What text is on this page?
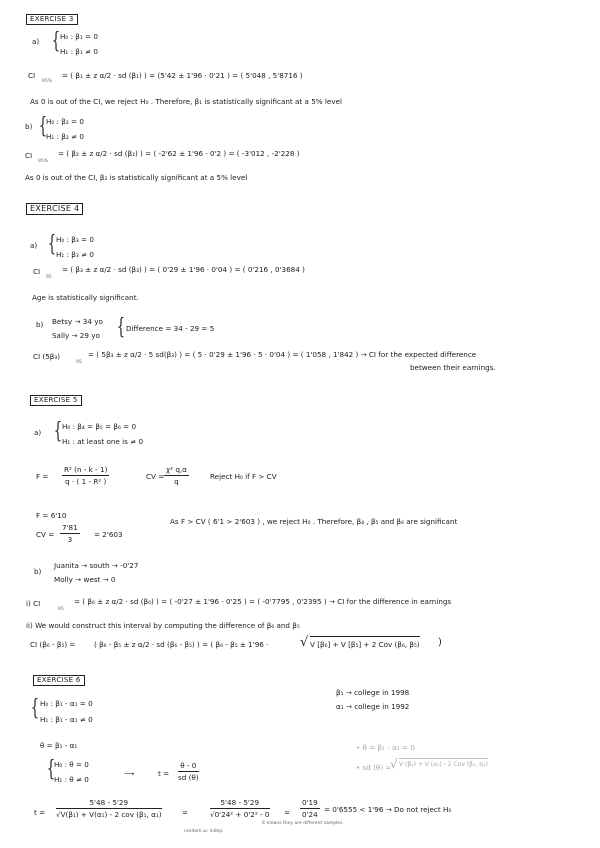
EXERCISE 3
a) { H₀ : β₁ = 0
H₁ : β₁ ≠ 0
CI
95%
= ( β₁ ± z α/2 · sd (β₁) ) = (5'42 ± 1'96 · 0'21 ) = ( 5'048 , 5'8716 )
As 0 is out of the CI, we reject H₀ . Therefore, β₁ is statistically significant at a 5% level
b) {
H₀ : β₂ = 0
H₁ : β₂ ≠ 0
CI
95%
= ( β₂ ± z α/2 · sd (β₂) ) = ( -2'62 ± 1'96 · 0'2 ) = ( -3'012 , -2'228 )
As 0 is out of the CI, β₂ is statistically significant at a 5% level
EXERCISE 4
a) { H₀ : β₃ = 0
H₁ : β₃ ≠ 0
CI
95
= ( β₃ ± z α/2 · sd (β₃) ) = ( 0'29 ± 1'96 · 0'04 ) = ( 0'216 , 0'3684 )
Age is statistically significant.
b) Betsy → 34 yo
Sally → 29 yo { Difference = 34 - 29 = 5
CI (5β₃)
95
= ( 5β₃ ± z α/2 · 5 sd(β₃) ) = ( 5 · 0'29 ± 1'96 · 5 · 0'04 ) = ( 1'058 , 1'842 ) → CI for the expected difference
between their earnings.
EXERCISE 5
a) { H₀ : β₄ = β₅ = β₆ = 0
H₁ : at least one is ≠ 0
$F = \frac{\text{R² (n - k - 1)}}{\text{q · ( 1 - R² )}}$	CV = $\frac{\text{χ² q,α}}{q}$	Reject H₀ if F > CV
F = 6'10
CV = $\frac{7'81}{3} = 2'603$
As F > CV ( 6'1 > 2'603 ) , we reject H₀ . Therefore, β₄ , β₅ and β₆ are significant
b)
Juanita → south → -0'27
Molly → west → 0
i) CI
95
= ( β₆ ± z α/2 · sd (β₆) ) = ( -0'27 ± 1'96 · 0'25 ) = ( -0'7795 , 0'2395 ) → CI for the difference in earnings
ii) We would construct this interval by computing the difference of β₆ and β₅
CI (β₆ - β₅) =	( β₆ - β₅ ± z α/2 · sd (β₆ - β₅) ) = ( β₆ - β₅ ± 1'96 · √ V [β₆] + V [β₅] + 2 Cov (β₆, β₅) )
EXERCISE 6
β₁ → college in 1998
α₁ → college in 1992
{ H₀ : β₁ - α₁ = 0
H₁ : β₁ - α₁ ≠ 0
θ = β₁ - α₁	• θ = β₁ - α₁ = 0
• sd (θ) =
√ V (β₁) + V (α₁) - 2 Cov (β₁, α₁)
{
H₀ : θ = 0
H₁ : θ ≠ 0
⟶	$t = \frac{\theta - 0}{sd (\theta)}$
t =
5'48 - 5'29
√V(β₁) + V(α₁) - 2 cov (β₁, α₁)	=	$\frac{5'48 - 5'29}{\text{√0'24² + 0'2² - 0}} = \frac{0'19}{0'24} = 0'6555 < 1'96 \to Do$ not reject H₀
random ω: indep.
it means they are different samples
